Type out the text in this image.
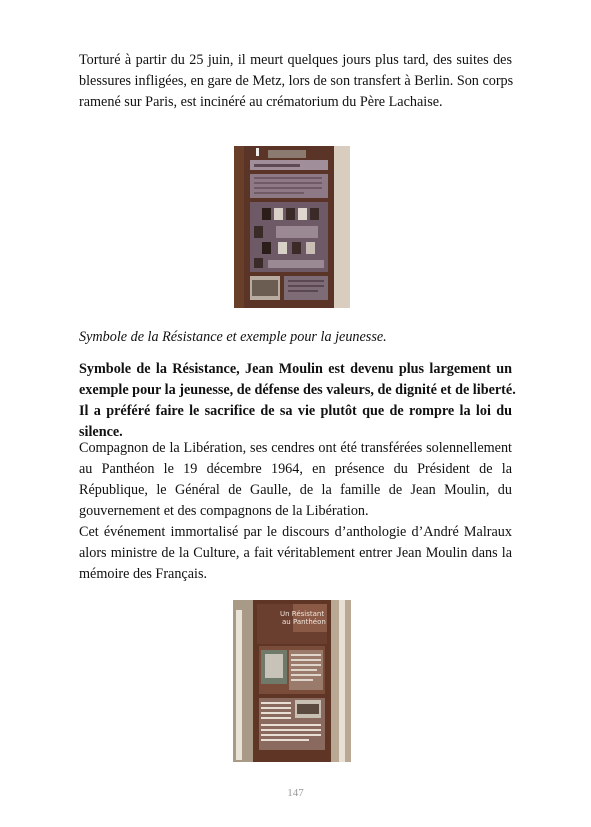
Torturé à partir du 25 juin, il meurt quelques jours plus tard, des suites des
blessures infligées, en gare de Metz, lors de son transfert à Berlin. Son corps
ramené sur Paris, est incinéré au crématorium du Père Lachaise.

Symbole de la Résistance et exemple pour la jeunesse.

Symbole de la Résistance, Jean Moulin est devenu plus largement un
exemple pour la jeunesse, de défense des valeurs, de dignité et de liberté.
Il a préféré faire le sacrifice de sa vie plutôt que de rompre la loi du
silence.
Compagnon de la Libération, ses cendres ont été transférées solennellement
au Panthéon le 19 décembre 1964, en présence du Président de la
République, le Général de Gaulle, de la famille de Jean Moulin, du
gouvernement et des compagnons de la Libération.
Cet événement immortalisé par le discours d’anthologie d’André Malraux
alors ministre de la Culture, a fait véritablement entrer Jean Moulin dans la
mémoire des Français.
Un Résistant
au Panthéon
147
